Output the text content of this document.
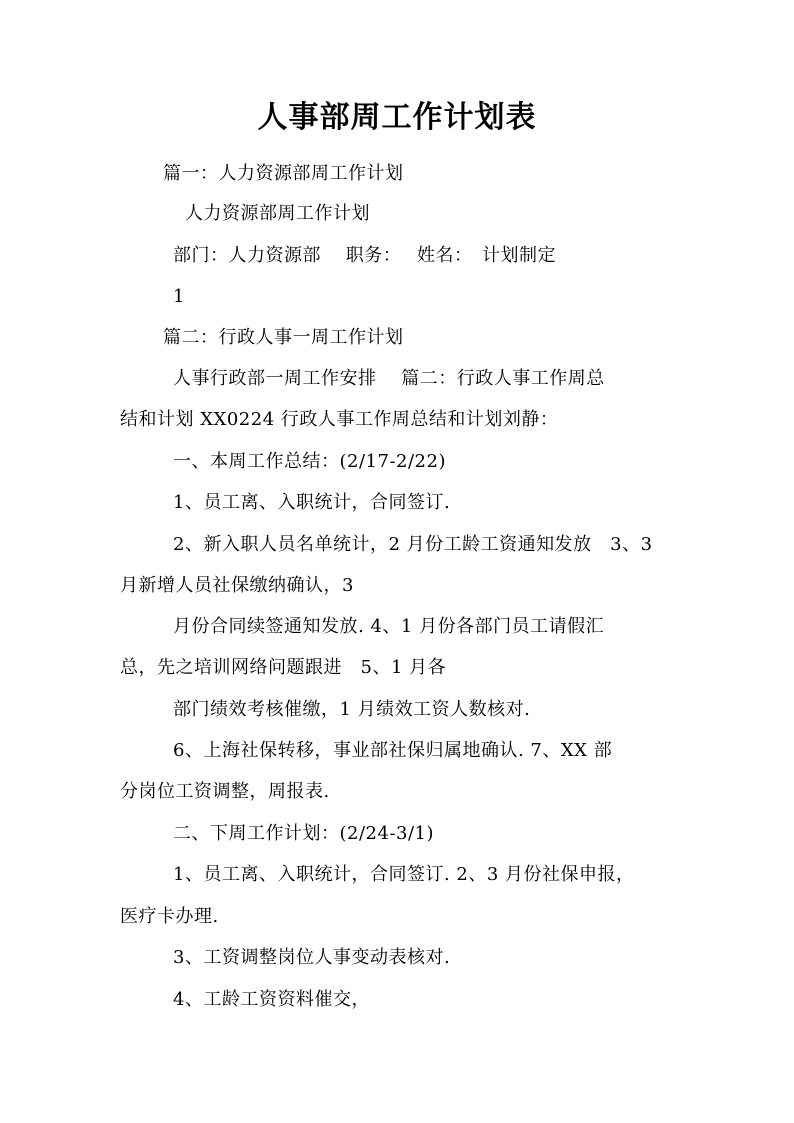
人事部周工作计划表
篇一：人力资源部周工作计划
人力资源部周工作计划
部门：人力资源部　 职务：　 姓名：　计划制定
1
篇二：行政人事一周工作计划
人事行政部一周工作安排　 篇二：行政人事工作周总
结和计划 XX0224 行政人事工作周总结和计划刘静：
一、本周工作总结：(2/17-2/22)
1、员工离、入职统计，合同签订.
2、新入职人员名单统计，2 月份工龄工资通知发放　3、3
月新增人员社保缴纳确认，3
月份合同续签通知发放. 4、1 月份各部门员工请假汇
总，先之培训网络问题跟进　5、1 月各
部门绩效考核催缴，1 月绩效工资人数核对.
6、上海社保转移，事业部社保归属地确认. 7、XX 部
分岗位工资调整，周报表.
二、下周工作计划：(2/24-3/1)
1、员工离、入职统计，合同签订. 2、3 月份社保申报，
医疗卡办理.
3、工资调整岗位人事变动表核对.
4、工龄工资资料催交，
